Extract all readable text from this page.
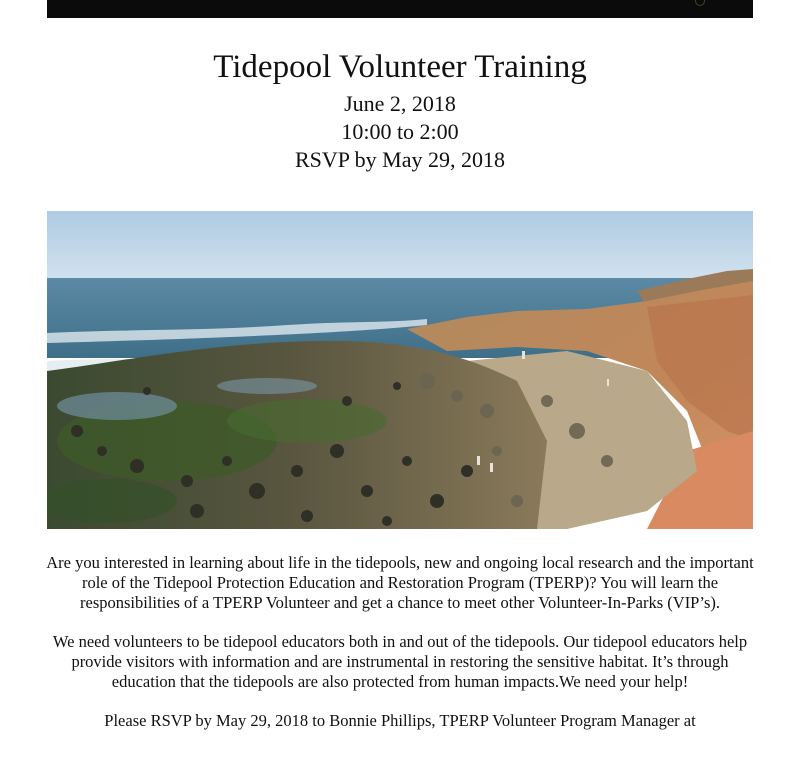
Tidepool Volunteer Training

June 2, 2018

10:00 to 2:00

RSVP by May 29, 2018

Are you interested in learning about life in the tidepools, new and ongoing local research and the important role of the Tidepool Protection Education and Restoration Program (TPERP)? You will learn the responsibilities of a TPERP Volunteer and get a chance to meet other Volunteer-In-Parks (VIP’s).

We need volunteers to be tidepool educators both in and out of the tidepools. Our tidepool educators help provide visitors with information and are instrumental in restoring the sensitive habitat. It’s through education that the tidepools are also protected from human impacts.We need your help!

Please RSVP by May 29, 2018 to Bonnie Phillips, TPERP Volunteer Program Manager at
